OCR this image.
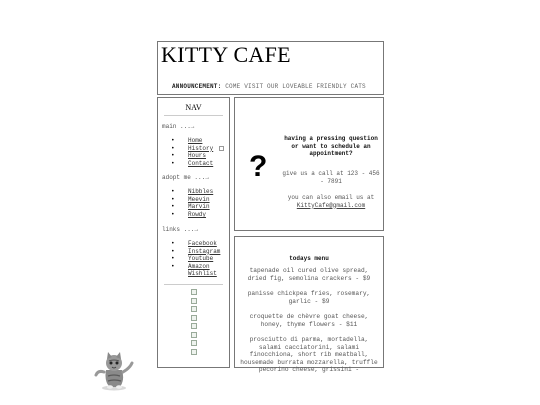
KITTY CAFE
ANNOUNCEMENT: COME VISIT OUR LOVEABLE FRIENDLY CATS
NAV
main ...→
• Home
• History
• Hours
• Contact
adopt me ...→
• Nibbles
• Meevin
• Marvin
• Rowdy
links ...→
• Facebook
• Instagram
• Youtube
• Amazon
Wishlist
?
having a pressing question or want to schedule an appointment?
give us a call at 123 - 456 - 7891
you can also email us at KittyCafe@gmail.com
todays menu
tapenade oil cured olive spread, dried fig, semolina crackers - $9
panisse chickpea fries, rosemary, garlic - $9
croquette de chèvre goat cheese, honey, thyme flowers - $11
prosciutto di parma, mortadella, salami cacciatorini, salami finocchiona, short rib meatball, housemade burrata mozzarella, truffle pecorino cheese, grissini -
